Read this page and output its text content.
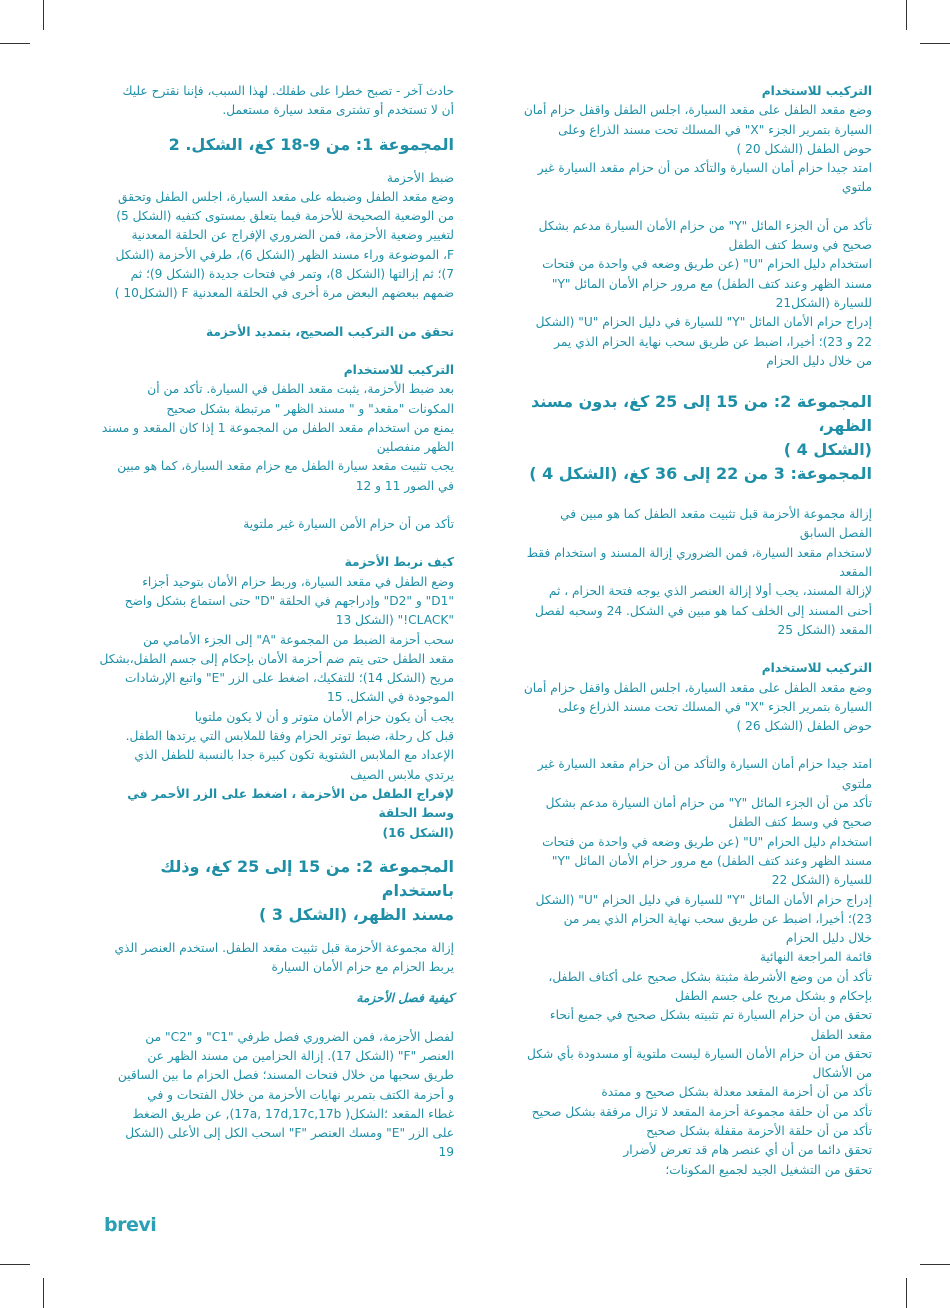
التركيب للاستخدام

وضع مقعد الطفل على مقعد السيارة، اجلس الطفل واقفل حزام أمان
السيارة بتمرير الجزء "X" في المسلك تحت مسند الذراع وعلى
حوض الطفل (الشكل 20 )
امتد جيدا حزام أمان السيارة والتأكد من أن حزام مقعد السيارة غير
ملتوي
تأكد من أن الجزء المائل "Y" من حزام الأمان السيارة مدعم بشكل
صحيح في وسط كتف الطفل
استخدام دليل الحزام "U" (عن طريق وضعه في واحدة من فتحات
مسند الظهر وعند كتف الطفل) مع مرور حزام الأمان المائل "Y"
للسيارة (الشكل21
إدراج حزام الأمان المائل "Y" للسيارة في دليل الحزام "U" (الشكل
22 و 23)؛ أخيرا، اضبط عن طريق سحب نهاية الحزام الذي يمر
من خلال دليل الحزام

المجموعة 2: من 15 إلى 25 كغ، بدون مسند الظهر،

(الشكل 4 )

المجموعة: 3 من 22 إلى 36 كغ، (الشكل 4 )

إزالة مجموعة الأحزمة قبل تثبيت مقعد الطفل كما هو مبين في
الفصل السابق
لاستخدام مقعد السيارة، فمن الضروري إزالة المسند و استخدام فقط
المقعد
لإزالة المسند، يجب أولا إزالة العنصر الذي يوجه فتحة الحزام ، ثم
أحنى المسند إلى الخلف كما هو مبين في الشكل. 24 وسحبه لفصل
المقعد (الشكل 25

التركيب للاستخدام

وضع مقعد الطفل على مقعد السيارة، اجلس الطفل واقفل حزام أمان
السيارة بتمرير الجزء "X" في المسلك تحت مسند الذراع وعلى
حوض الطفل (الشكل 26 )
امتد جيدا حزام أمان السيارة والتأكد من أن حزام مقعد السيارة غير
ملتوي
تأكد من أن الجزء المائل "Y" من حزام أمان السيارة مدعم بشكل
صحيح في وسط كتف الطفل
استخدام دليل الحزام "U" (عن طريق وضعه في واحدة من فتحات
مسند الظهر وعند كتف الطفل) مع مرور حزام الأمان المائل "Y"
للسيارة (الشكل 22
إدراج حزام الأمان المائل "Y" للسيارة في دليل الحزام "U" (الشكل
23)؛ أخيرا، اضبط عن طريق سحب نهاية الحزام الذي يمر من
خلال دليل الحزام
قائمة المراجعة النهائية
تأكد أن من وضع الأشرطة مثبتة بشكل صحيح على أكتاف الطفل،
بإحكام و بشكل مريح على جسم الطفل
تحقق من أن حزام السيارة تم تثبيته بشكل صحيح في جميع أنحاء
مقعد الطفل
تحقق من أن حزام الأمان السيارة ليست ملتوية أو مسدودة بأي شكل
من الأشكال
تأكد من أن أحزمة المقعد معدلة بشكل صحيح و ممتدة
تأكد من أن حلقة مجموعة أحزمة المقعد لا تزال مرفقة بشكل صحيح
تأكد من أن حلقة الأحزمة مقفلة بشكل صحيح
تحقق دائما من أن أي عنصر هام قد تعرض لأضرار
تحقق من التشغيل الجيد لجميع المكونات؛
حادث آخر - تصبح خطرا على طفلك. لهذا السبب، فإننا نقترح عليك
أن لا تستخدم أو تشترى مقعد سيارة مستعمل.

المجموعة 1: من 9-18 كغ، الشكل. 2

ضبط الأحزمة
وضع مقعد الطفل وضبطه على مقعد السيارة، اجلس الطفل وتحقق
من الوضعية الصحيحة للأحزمة فيما يتعلق بمستوى كتفيه (الشكل 5)
لتغيير وضعية الأحزمة، فمن الضروري الإفراج عن الحلقة المعدنية
F، الموضوعة وراء مسند الظهر (الشكل 6)، طرفي الأحزمة (الشكل
7)؛ ثم إزالتها (الشكل 8)، وتمر في فتحات جديدة (الشكل 9)؛ ثم
ضمهم ببعضهم البعض مرة أخرى في الحلقة المعدنية F (الشكل10 )

تحقق من التركيب الصحيح، بتمديد الأحزمة

التركيب للاستخدام

بعد ضبط الأحزمة، يثبت مقعد الطفل في السيارة. تأكد من أن
المكونات "مقعد" و " مسند الظهر " مرتبطة بشكل صحيح
يمنع من استخدام مقعد الطفل من المجموعة 1 إذا كان المقعد و مسند
الظهر منفصلين
يجب تثبيت مقعد سيارة الطفل مع حزام مقعد السيارة، كما هو مبين
في الصور 11 و 12

تأكد من أن حزام الأمن السيارة غير ملتوية

كيف نربط الأحزمة

وضع الطفل في مقعد السيارة، وربط حزام الأمان بتوحيد أجزاء
"D1" و "D2" وإدراجهم في الحلقة "D" حتى استماع بشكل واضح
"CLACK!" (الشكل 13
سحب أحزمة الضبط من المجموعة "A" إلى الجزء الأمامي من
مقعد الطفل حتى يتم ضم أحزمة الأمان بإحكام إلى جسم الطفل،بشكل
مريح (الشكل 14)؛ للتفكيك، اضغط على الزر "E" واتبع الإرشادات
الموجودة في الشكل. 15
يجب أن يكون حزام الأمان متوتر و أن لا يكون ملتويا
قبل كل رحلة، ضبط توتر الحزام وفقا للملابس التي يرتدها الطفل.
الإعداد مع الملابس الشتوية تكون كبيرة جدا بالنسبة للطفل الذي
يرتدي ملابس الصيف
لإفراج الطفل من الأحزمة ، اضغط على الزر الأحمر في وسط الحلقة
(الشكل 16)

المجموعة 2: من 15 إلى 25 كغ، وذلك باستخدام

مسند الظهر، (الشكل 3 )

إزالة مجموعة الأحزمة قبل تثبيت مقعد الطفل. استخدم العنصر الذي
يربط الحزام مع حزام الأمان السيارة

كيفية فصل الأحزمة

لفصل الأحزمة، فمن الضروري فصل طرفي "C1" و "C2" من
العنصر "F" (الشكل 17). إزالة الحزامين من مسند الظهر عن
طريق سحبها من خلال فتحات المسند؛ فصل الحزام ما بين الساقين
و أحزمة الكتف بتمرير نهايات الأحزمة من خلال الفتحات و في
غطاء المقعد ؛الشكل( 17a, 17d,17c,17b), عن طريق الضغط
على الزر "E" ومسك العنصر "F" اسحب الكل إلى الأعلى (الشكل
19
brevi
